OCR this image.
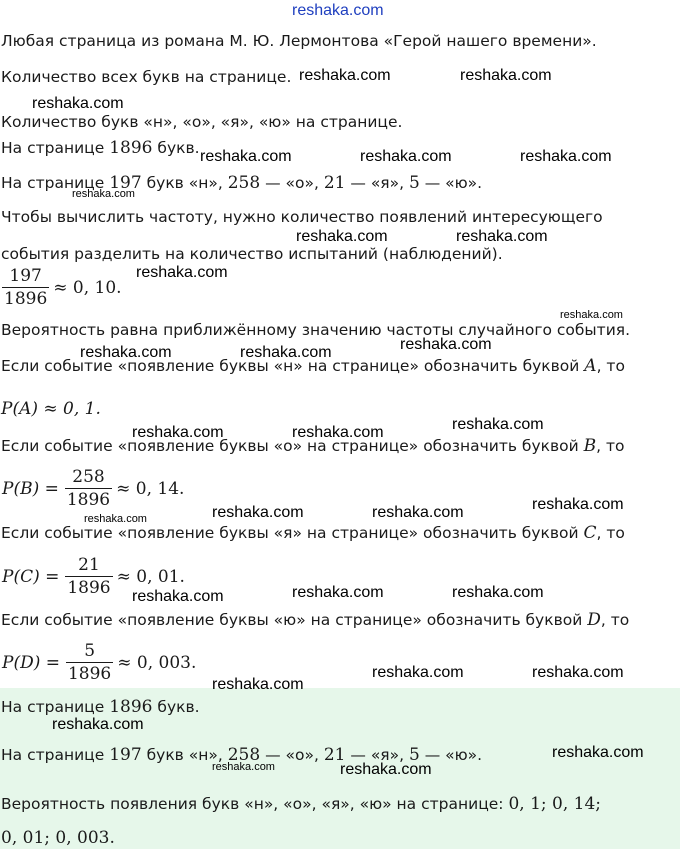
reshaka.com
Любая страница из романа М. Ю. Лермонтова «Герой нашего времени».
Количество всех букв на странице.
Количество букв «н», «о», «я», «ю» на странице.
На странице 1896 букв.
На странице 197 букв «н», 258 — «о», 21 — «я», 5 — «ю».
Чтобы вычислить частоту, нужно количество появлений интересующего
события разделить на количество испытаний (наблюдений).
$\frac{197}{1896} \approx 0$, 10.
Вероятность равна приближённому значению частоты случайного события.
Если событие «появление буквы «н» на странице» обозначить буквой A, то
P(A) ≈ 0, 1.
Если событие «появление буквы «о» на странице» обозначить буквой B, то
$P(B) = \frac{258}{1896} \approx 0$, 14.
Если событие «появление буквы «я» на странице» обозначить буквой C, то
$P(C) = \frac{21}{1896} \approx 0$, 01.
Если событие «появление буквы «ю» на странице» обозначить буквой D, то
$P(D) = \frac{5}{1896} \approx 0$, 003.
На странице 1896 букв.
На странице 197 букв «н», 258 — «о», 21 — «я», 5 — «ю».
Вероятность появления букв «н», «о», «я», «ю» на странице: 0, 1; 0, 14;
0, 01; 0, 003.
reshaka.com	reshaka.com
reshaka.com
reshaka.com	reshaka.com	reshaka.com
reshaka.com
reshaka.com	reshaka.com
reshaka.com
reshaka.com
reshaka.com
reshaka.com	reshaka.com
reshaka.com
reshaka.com	reshaka.com
reshaka.com
reshaka.com	reshaka.com
reshaka.com
reshaka.com	reshaka.com	reshaka.com
reshaka.com	reshaka.com
reshaka.com
reshaka.com
reshaka.com
reshaka.com	reshaka.com
